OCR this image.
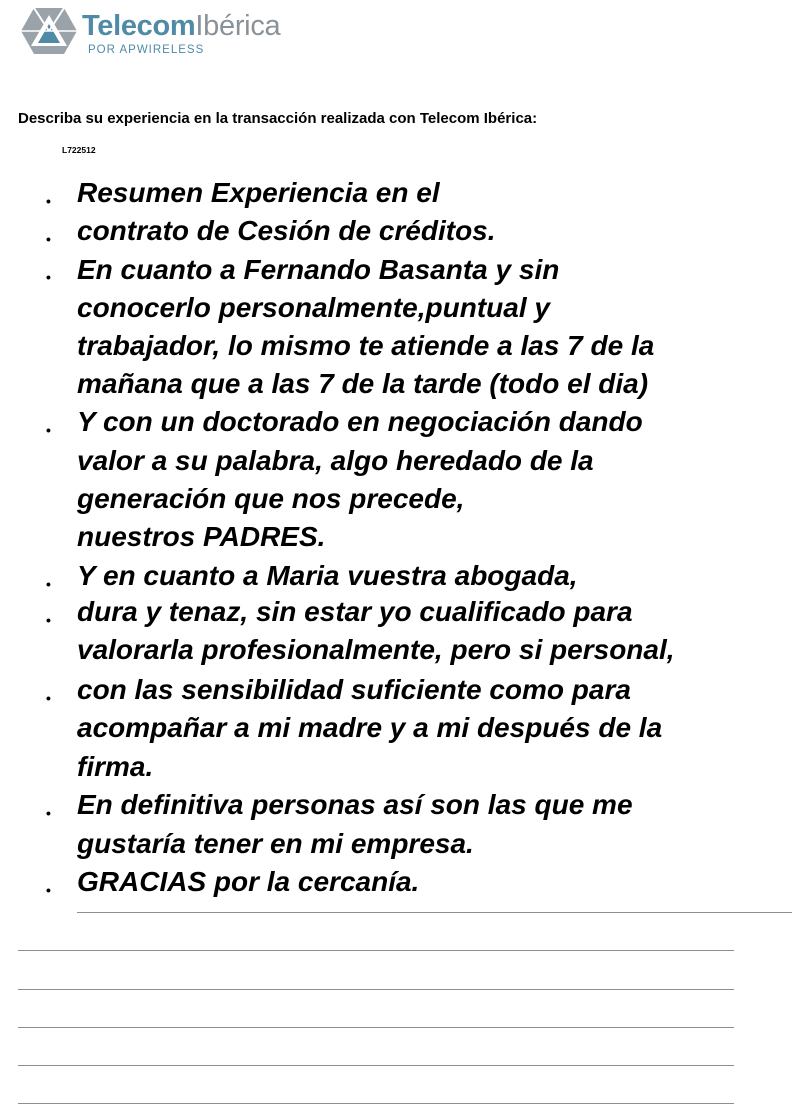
TelecomIbérica
POR APWIRELESS
Describa su experiencia en la transacción realizada con Telecom Ibérica:
L722512
• Resumen Experiencia en el
• contrato de Cesión de créditos.
• En cuanto a Fernando Basanta y sin
conocerlo personalmente,puntual y
trabajador, lo mismo te atiende a las 7 de la
mañana que a las 7 de la tarde (todo el dia)
• Y con un doctorado en negociación dando
valor a su palabra, algo heredado de la
generación que nos precede,
nuestros PADRES.
• Y en cuanto a Maria vuestra abogada,
• dura y tenaz, sin estar yo cualificado para
valorarla profesionalmente, pero si personal,
• con las sensibilidad suficiente como para
acompañar a mi madre y a mi después de la
firma.
• En definitiva personas así son las que me
gustaría tener en mi empresa.
• GRACIAS por la cercanía.
